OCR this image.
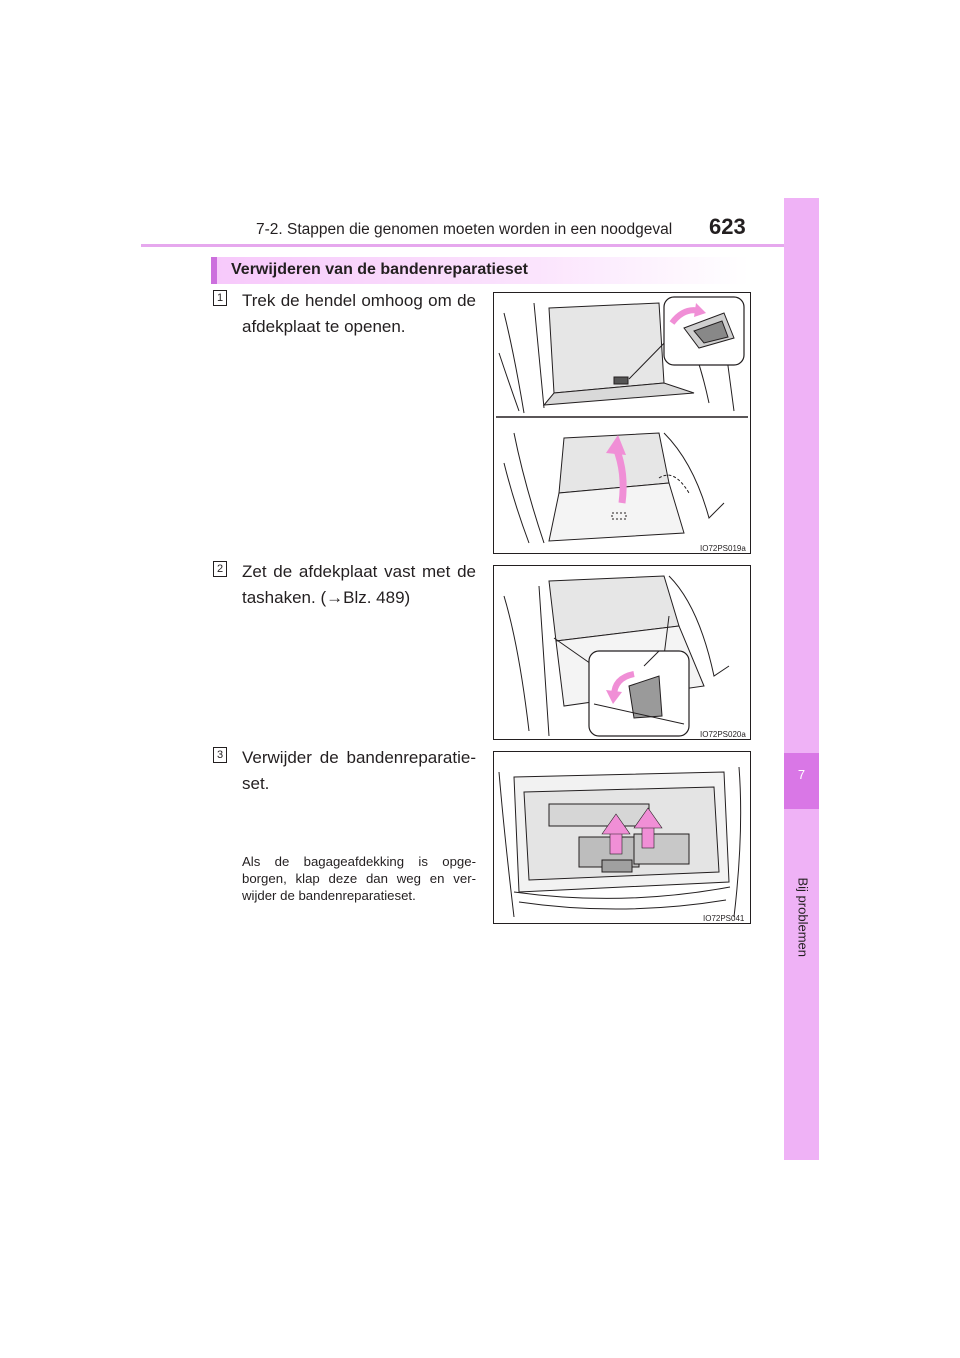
7-2. Stappen die genomen moeten worden in een noodgeval 623
7
Bij problemen
Verwijderen van de bandenreparatieset
1 Trek de hendel omhoog om de afdekplaat te openen.
IO72PS019a
2 Zet de afdekplaat vast met de tashaken. (→Blz. 489)
IO72PS020a
3 Verwijder de bandenreparatie-set.
Als de bagageafdekking is opge-borgen, klap deze dan weg en ver-wijder de bandenreparatieset.
IO72PS041
